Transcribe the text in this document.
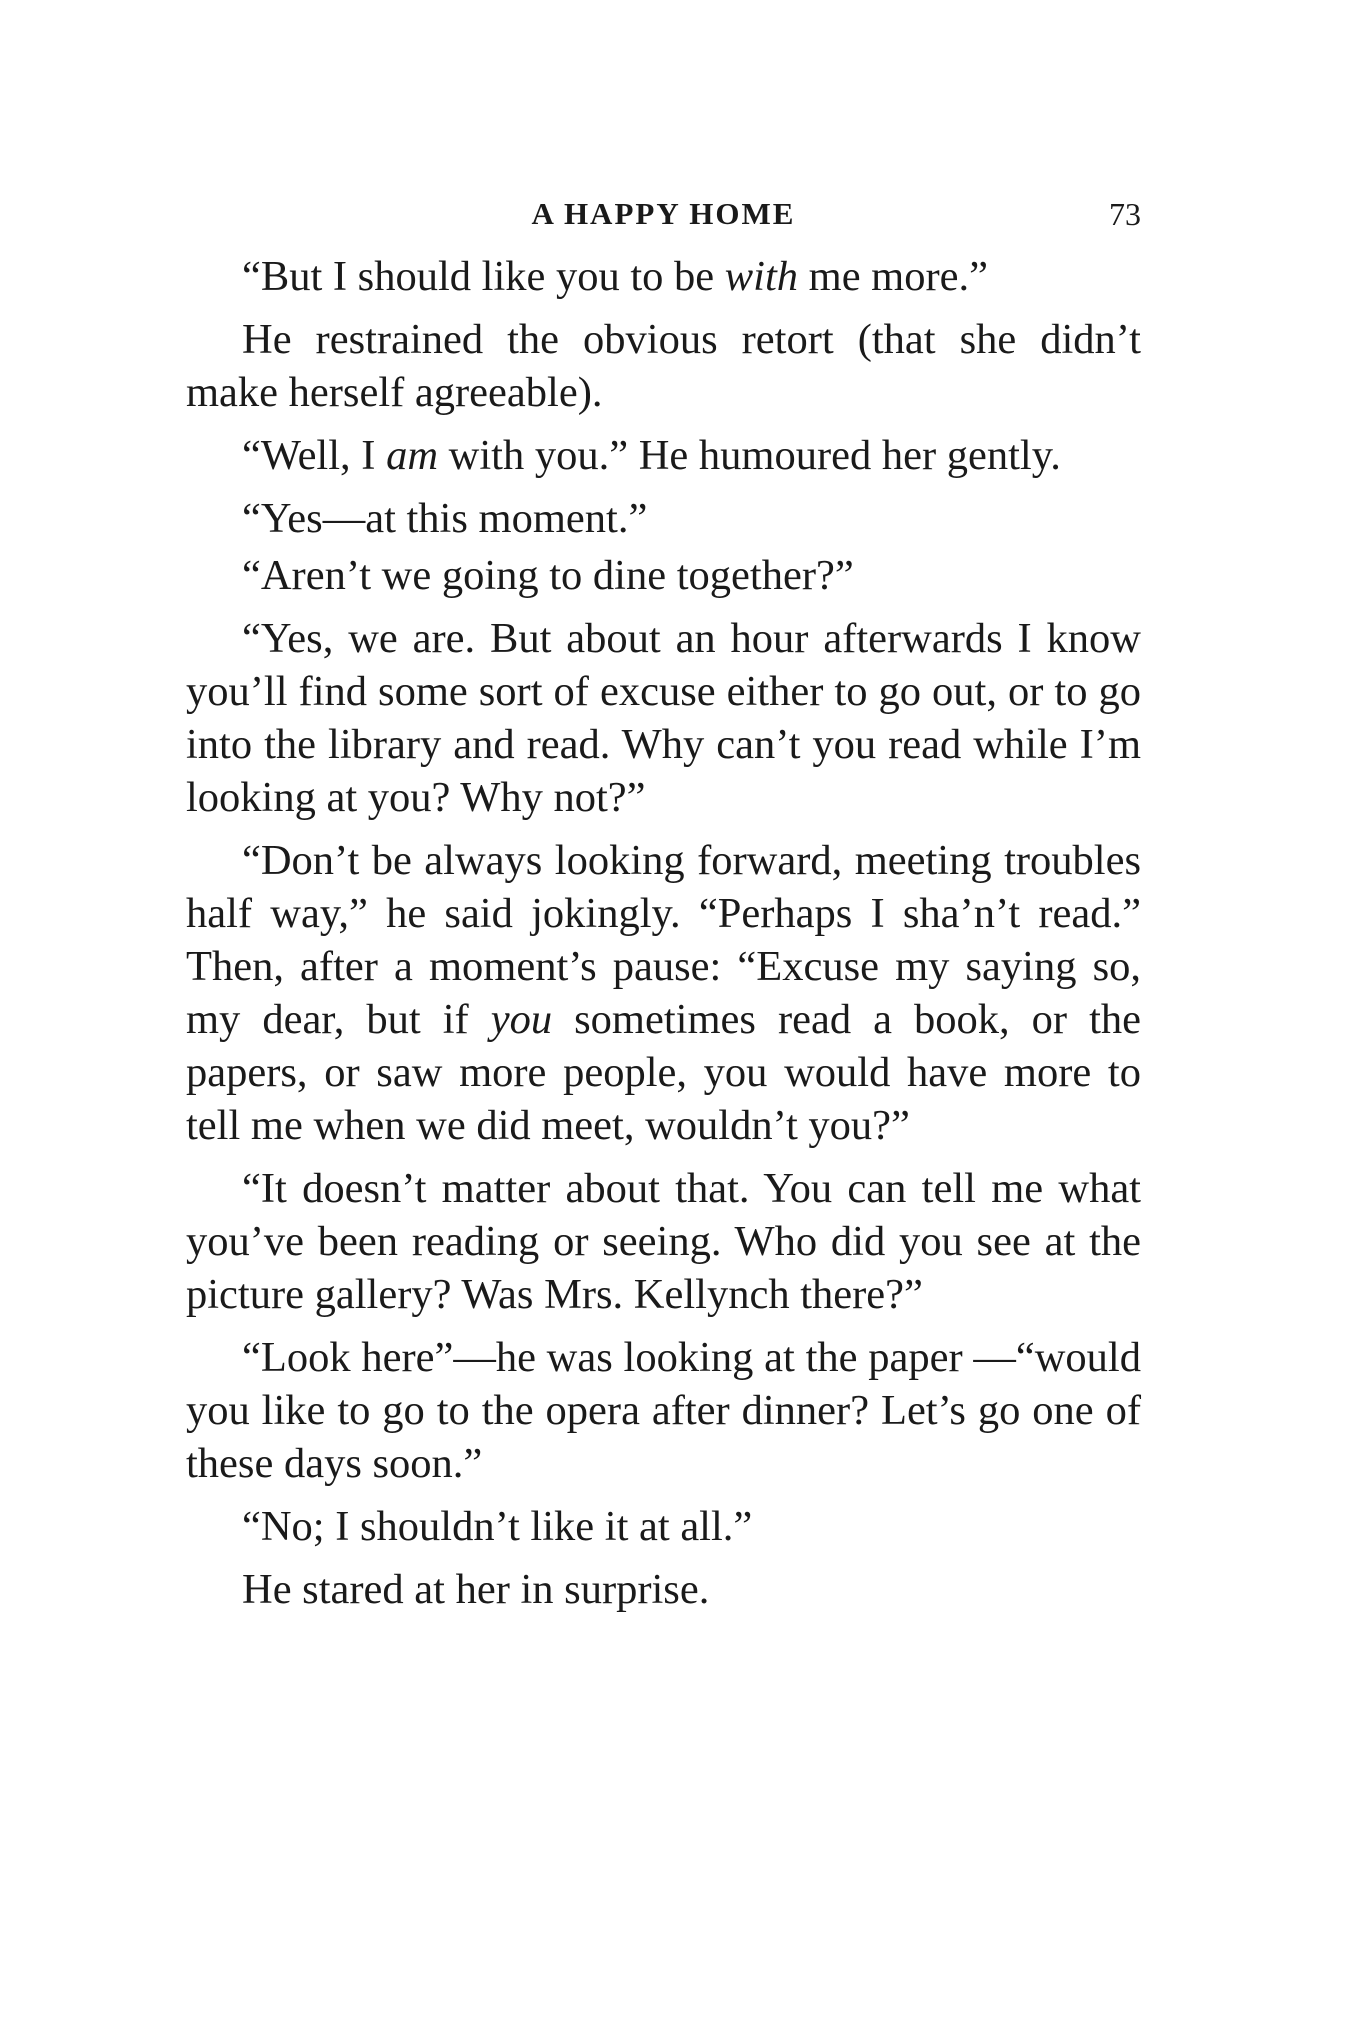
A HAPPY HOME	73

“But I should like you to be with me more.”

He restrained the obvious retort (that she didn’t make herself agreeable).

“Well, I am with you.” He humoured her gently.

“Yes—at this moment.”

“Aren’t we going to dine together?”

“Yes, we are. But about an hour afterwards I know you’ll find some sort of excuse either to go out, or to go into the library and read. Why can’t you read while I’m looking at you? Why not?”

“Don’t be always looking forward, meeting troubles half way,” he said jokingly. “Perhaps I sha’n’t read.” Then, after a moment’s pause: “Excuse my saying so, my dear, but if you sometimes read a book, or the papers, or saw more people, you would have more to tell me when we did meet, wouldn’t you?”

“It doesn’t matter about that. You can tell me what you’ve been reading or seeing. Who did you see at the picture gallery? Was Mrs. Kellynch there?”

“Look here”—he was looking at the paper —“would you like to go to the opera after dinner? Let’s go one of these days soon.”

“No; I shouldn’t like it at all.”

He stared at her in surprise.
